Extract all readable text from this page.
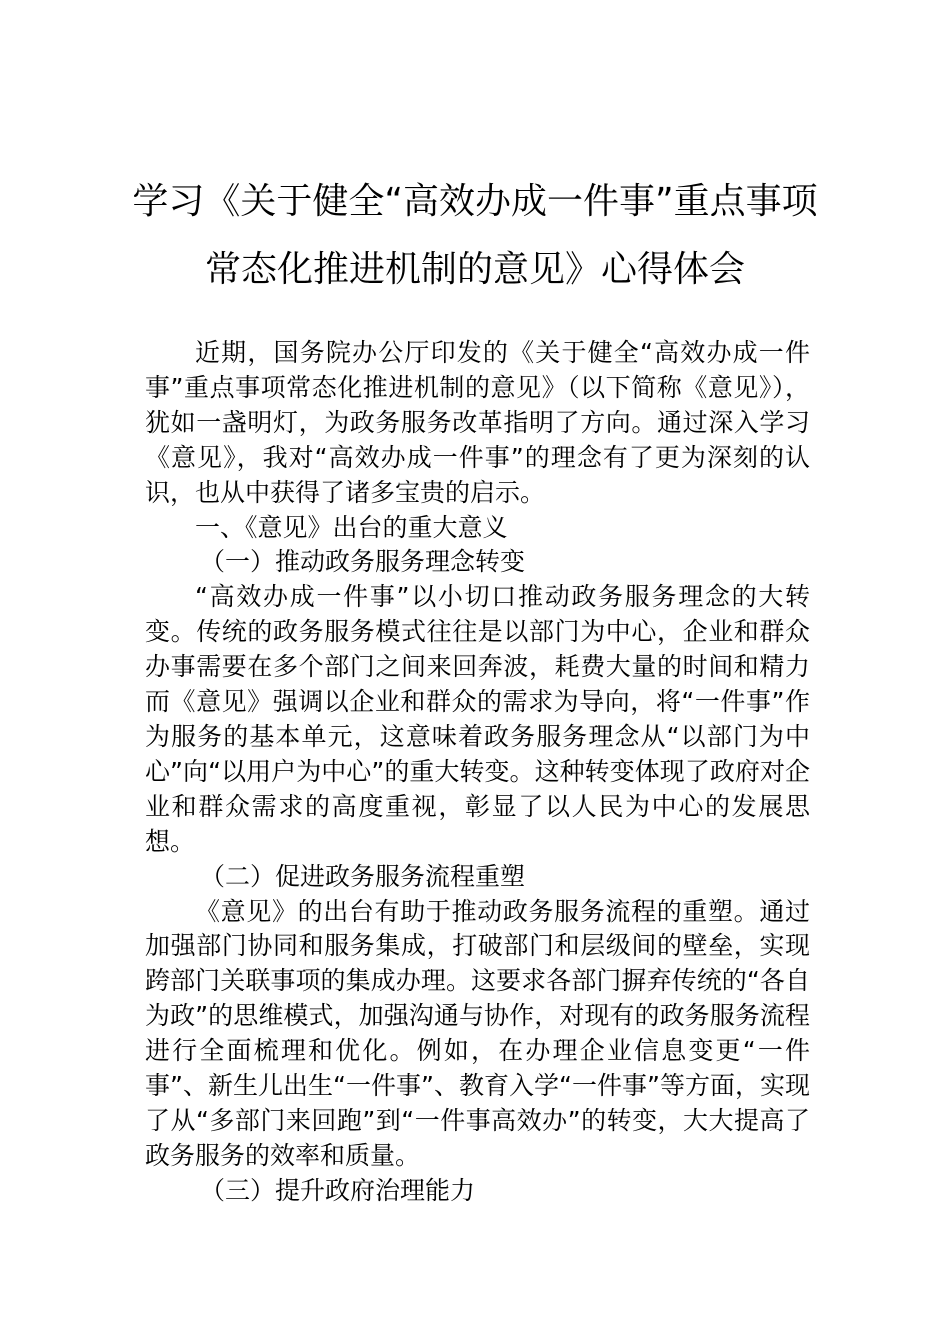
学习《关于健全“高效办成一件事”重点事项
常态化推进机制的意见》心得体会

近期，国务院办公厅印发的《关于健全“高效办成一件事”重点事项常态化推进机制的意见》（以下简称《意见》），犹如一盏明灯，为政务服务改革指明了方向。通过深入学习《意见》，我对“高效办成一件事”的理念有了更为深刻的认识，也从中获得了诸多宝贵的启示。

一、《意见》出台的重大意义

（一）推动政务服务理念转变

“高效办成一件事”以小切口推动政务服务理念的大转变。传统的政务服务模式往往是以部门为中心，企业和群众办事需要在多个部门之间来回奔波，耗费大量的时间和精力而《意见》强调以企业和群众的需求为导向，将“一件事”作为服务的基本单元，这意味着政务服务理念从“以部门为中心”向“以用户为中心”的重大转变。这种转变体现了政府对企业和群众需求的高度重视，彰显了以人民为中心的发展思想。

（二）促进政务服务流程重塑

《意见》的出台有助于推动政务服务流程的重塑。通过加强部门协同和服务集成，打破部门和层级间的壁垒，实现跨部门关联事项的集成办理。这要求各部门摒弃传统的“各自为政”的思维模式，加强沟通与协作，对现有的政务服务流程进行全面梳理和优化。例如，在办理企业信息变更“一件事”、新生儿出生“一件事”、教育入学“一件事”等方面，实现了从“多部门来回跑”到“一件事高效办”的转变，大大提高了政务服务的效率和质量。

（三）提升政府治理能力
